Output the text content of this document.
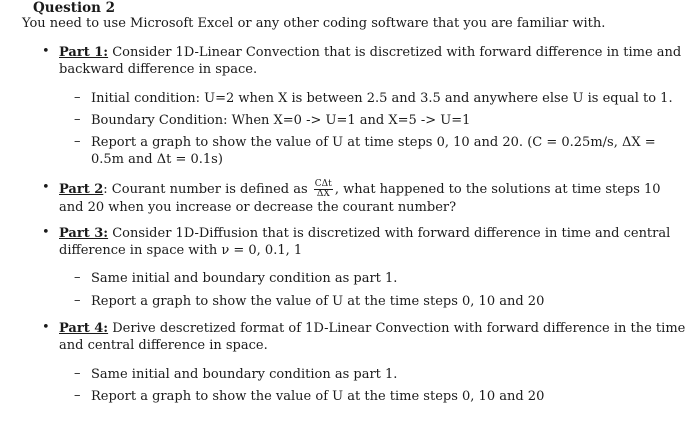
Question 2
You need to use Microsoft Excel or any other coding software that you are familiar with.
• Part 1: Consider 1D-Linear Convection that is discretized with forward difference in time and backward difference in space.
– Initial condition: U=2 when X is between 2.5 and 3.5 and anywhere else U is equal to 1.
– Boundary Condition: When X=0 -> U=1 and X=5 -> U=1
– Report a graph to show the value of U at time steps 0, 10 and 20. (C = 0.25m/s, ΔX = 0.5m and Δt = 0.1s)
• Part 2: Courant number is defined as $\frac{\text{CΔt}}{\Delta X}$ , what happened to the solutions at time steps 10 and 20 when you increase or decrease the courant number?
• Part 3: Consider 1D-Diffusion that is discretized with forward difference in time and central difference in space with ν = 0, 0.1, 1
– Same initial and boundary condition as part 1.
– Report a graph to show the value of U at the time steps 0, 10 and 20
• Part 4: Derive descretized format of 1D-Linear Convection with forward difference in the time and central difference in space.
– Same initial and boundary condition as part 1.
– Report a graph to show the value of U at the time steps 0, 10 and 20
